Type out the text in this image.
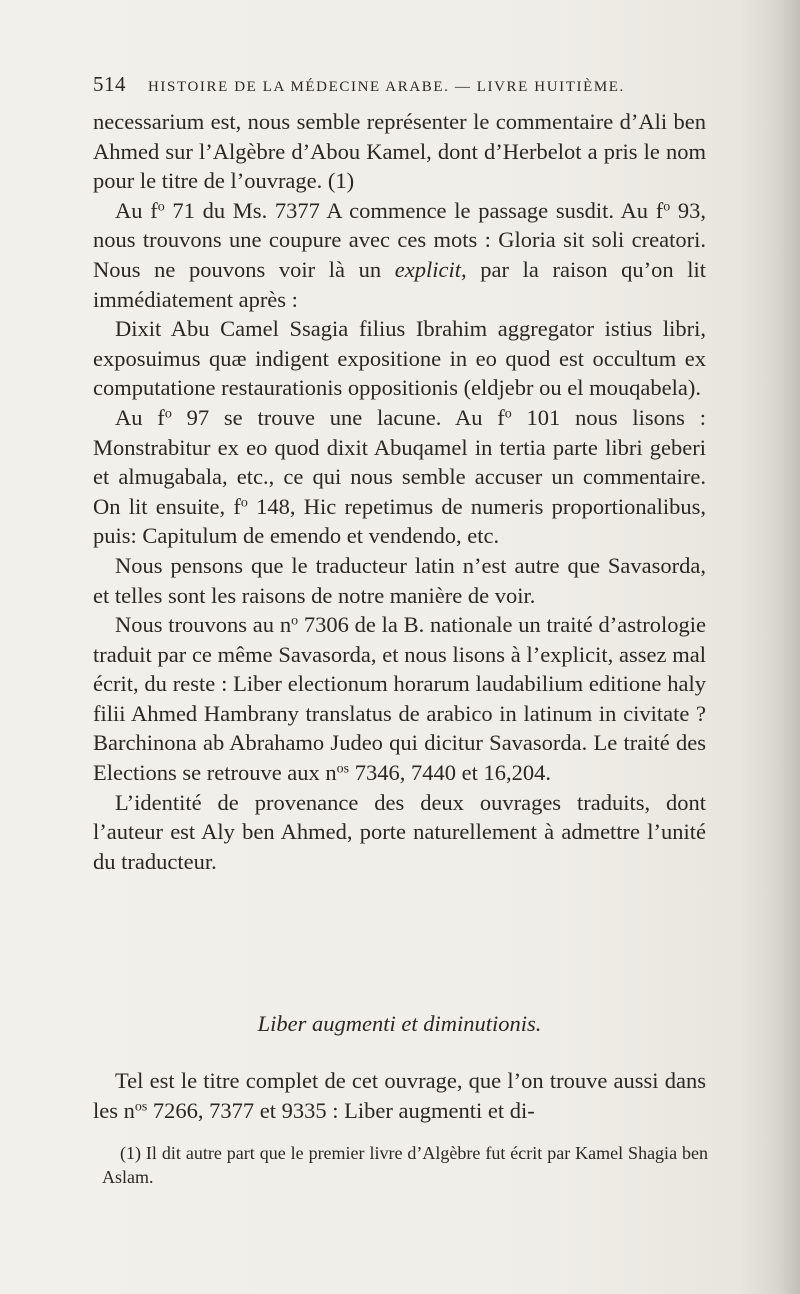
514 HISTOIRE DE LA MÉDECINE ARABE. — LIVRE HUITIÈME.

necessarium est, nous semble représenter le commentaire d’Ali ben Ahmed sur l’Algèbre d’Abou Kamel, dont d’Herbelot a pris le nom pour le titre de l’ouvrage. (1)

Au $f^o$ 71 du Ms. 7377 A commence le passage susdit. Au $f^o$ 93, nous trouvons une coupure avec ces mots : Gloria sit soli creatori. Nous ne pouvons voir là un explicit, par la raison qu’on lit immédiatement après :

Dixit Abu Camel Ssagia filius Ibrahim aggregator istius libri, exposuimus quæ indigent expositione in eo quod est occultum ex computatione restaurationis oppositionis (eldjebr ou el mouqabela).

Au $f^o$ 97 se trouve une lacune. Au $f^o$ 101 nous lisons : Monstrabitur ex eo quod dixit Abuqamel in tertia parte libri geberi et almugabala, etc., ce qui nous semble accuser un commentaire. On lit ensuite, $f^o$ 148, Hic repetimus de numeris proportionalibus, puis: Capitulum de emendo et vendendo, etc.

Nous pensons que le traducteur latin n’est autre que Savasorda, et telles sont les raisons de notre manière de voir.

Nous trouvons au $n^o$ 7306 de la B. nationale un traité d’astrologie traduit par ce même Savasorda, et nous lisons à l’explicit, assez mal écrit, du reste : Liber electionum horarum laudabilium editione haly filii Ahmed Hambrany translatus de arabico in latinum in civitate ? Barchinona ab Abrahamo Judeo qui dicitur Savasorda. Le traité des Elections se retrouve aux $n^{os}$ 7346, 7440 et 16,204.

L’identité de provenance des deux ouvrages traduits, dont l’auteur est Aly ben Ahmed, porte naturellement à admettre l’unité du traducteur.

Liber augmenti et diminutionis.

Tel est le titre complet de cet ouvrage, que l’on trouve aussi dans les $n^{os}$ 7266, 7377 et 9335 : Liber augmenti et di-

(1) Il dit autre part que le premier livre d’Algèbre fut écrit par Kamel Shagia ben Aslam.
